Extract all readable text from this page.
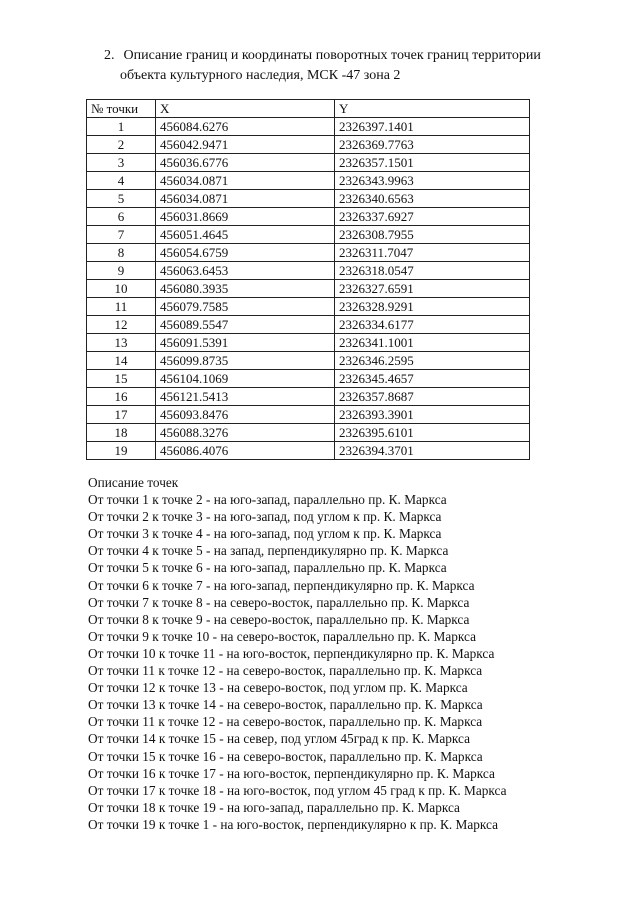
2. Описание границ и координаты поворотных точек границ территории
объекта культурного наследия, МСК -47 зона 2
№ точки	X	Y
1	456084.6276	2326397.1401
2	456042.9471	2326369.7763
3	456036.6776	2326357.1501
4	456034.0871	2326343.9963
5	456034.0871	2326340.6563
6	456031.8669	2326337.6927
7	456051.4645	2326308.7955
8	456054.6759	2326311.7047
9	456063.6453	2326318.0547
10	456080.3935	2326327.6591
11	456079.7585	2326328.9291
12	456089.5547	2326334.6177
13	456091.5391	2326341.1001
14	456099.8735	2326346.2595
15	456104.1069	2326345.4657
16	456121.5413	2326357.8687
17	456093.8476	2326393.3901
18	456088.3276	2326395.6101
19	456086.4076	2326394.3701
Описание точек
От точки 1 к точке 2 - на юго-запад, параллельно пр. К. Маркса
От точки 2 к точке 3 - на юго-запад, под углом к пр. К. Маркса
От точки 3 к точке 4 - на юго-запад, под углом к пр. К. Маркса
От точки 4 к точке 5 - на запад, перпендикулярно пр. К. Маркса
От точки 5 к точке 6 - на юго-запад, параллельно пр. К. Маркса
От точки 6 к точке 7 - на юго-запад, перпендикулярно пр. К. Маркса
От точки 7 к точке 8 - на северо-восток, параллельно пр. К. Маркса
От точки 8 к точке 9 - на северо-восток, параллельно пр. К. Маркса
От точки 9 к точке 10 - на северо-восток, параллельно пр. К. Маркса
От точки 10 к точке 11 - на юго-восток, перпендикулярно пр. К. Маркса
От точки 11 к точке 12 - на северо-восток, параллельно пр. К. Маркса
От точки 12 к точке 13 - на северо-восток, под углом пр. К. Маркса
От точки 13 к точке 14 - на северо-восток, параллельно пр. К. Маркса
От точки 11 к точке 12 - на северо-восток, параллельно пр. К. Маркса
От точки 14 к точке 15 - на север, под углом 45град к пр. К. Маркса
От точки 15 к точке 16 - на северо-восток, параллельно пр. К. Маркса
От точки 16 к точке 17 - на юго-восток, перпендикулярно пр. К. Маркса
От точки 17 к точке 18 - на юго-восток, под углом 45 град к пр. К. Маркса
От точки 18 к точке 19 - на юго-запад, параллельно пр. К. Маркса
От точки 19 к точке 1 - на юго-восток, перпендикулярно к пр. К. Маркса
